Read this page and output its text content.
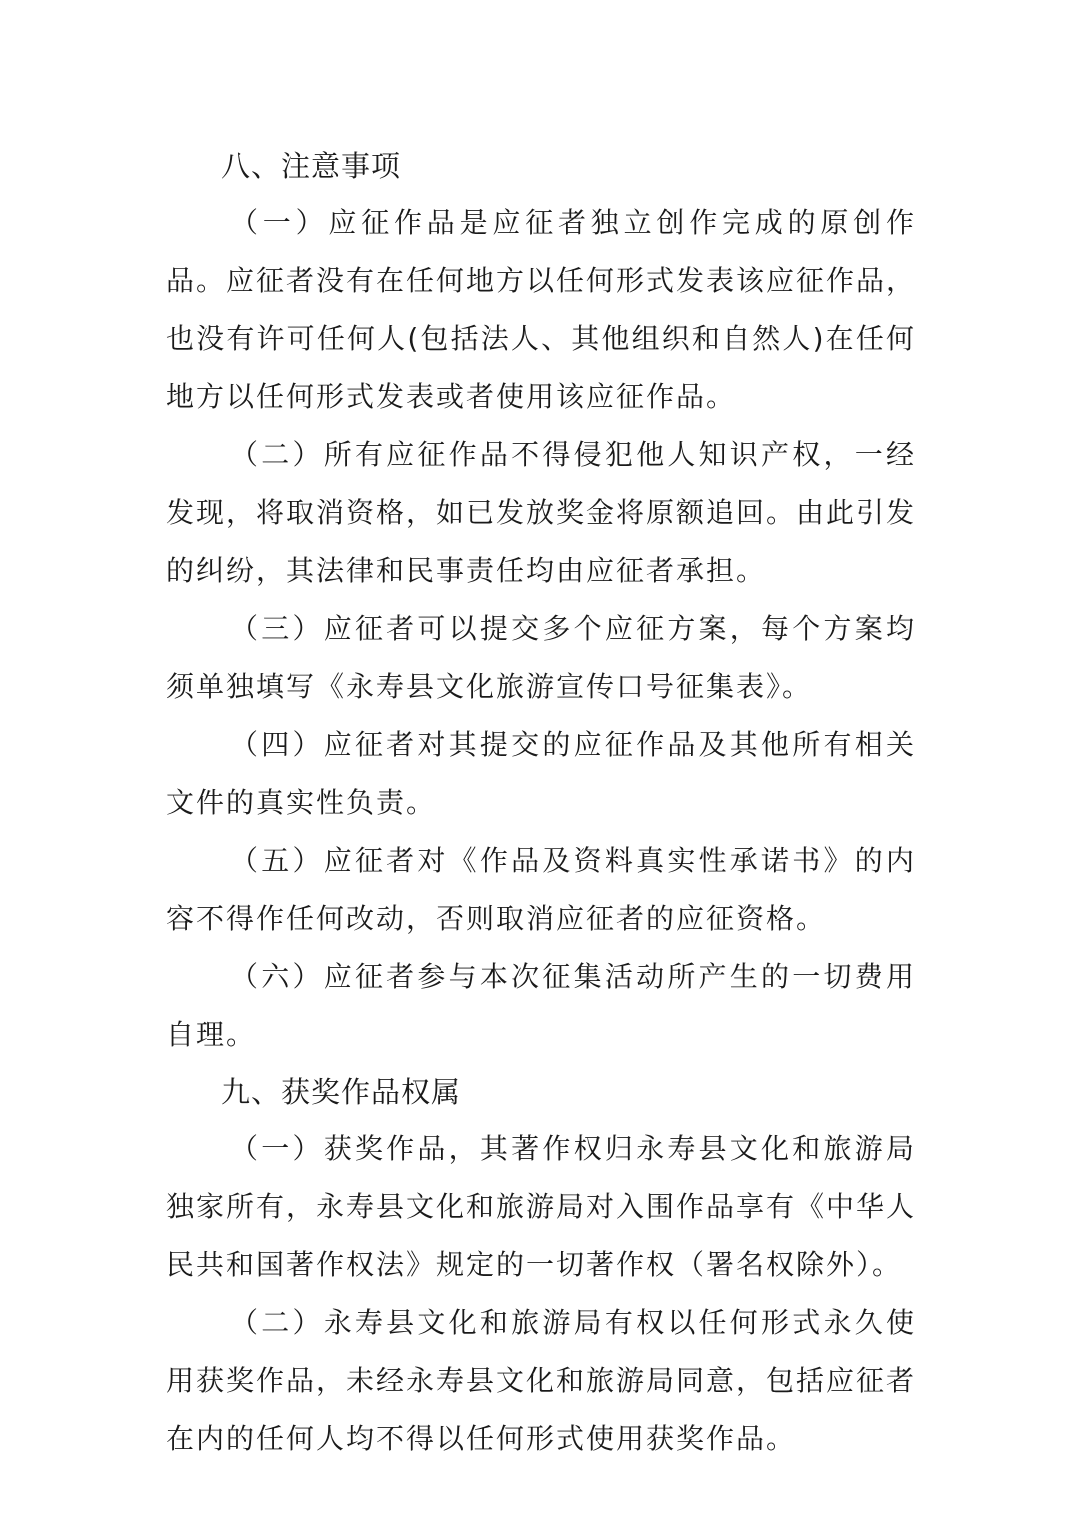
八、注意事项

（一）应征作品是应征者独立创作完成的原创作品。应征者没有在任何地方以任何形式发表该应征作品，也没有许可任何人(包括法人、其他组织和自然人)在任何地方以任何形式发表或者使用该应征作品。

（二）所有应征作品不得侵犯他人知识产权，一经发现，将取消资格，如已发放奖金将原额追回。由此引发的纠纷，其法律和民事责任均由应征者承担。

（三）应征者可以提交多个应征方案，每个方案均须单独填写《永寿县文化旅游宣传口号征集表》。

（四）应征者对其提交的应征作品及其他所有相关文件的真实性负责。

（五）应征者对《作品及资料真实性承诺书》的内容不得作任何改动，否则取消应征者的应征资格。

（六）应征者参与本次征集活动所产生的一切费用自理。

九、获奖作品权属

（一）获奖作品，其著作权归永寿县文化和旅游局独家所有，永寿县文化和旅游局对入围作品享有《中华人民共和国著作权法》规定的一切著作权（署名权除外）。

（二）永寿县文化和旅游局有权以任何形式永久使用获奖作品，未经永寿县文化和旅游局同意，包括应征者在内的任何人均不得以任何形式使用获奖作品。
